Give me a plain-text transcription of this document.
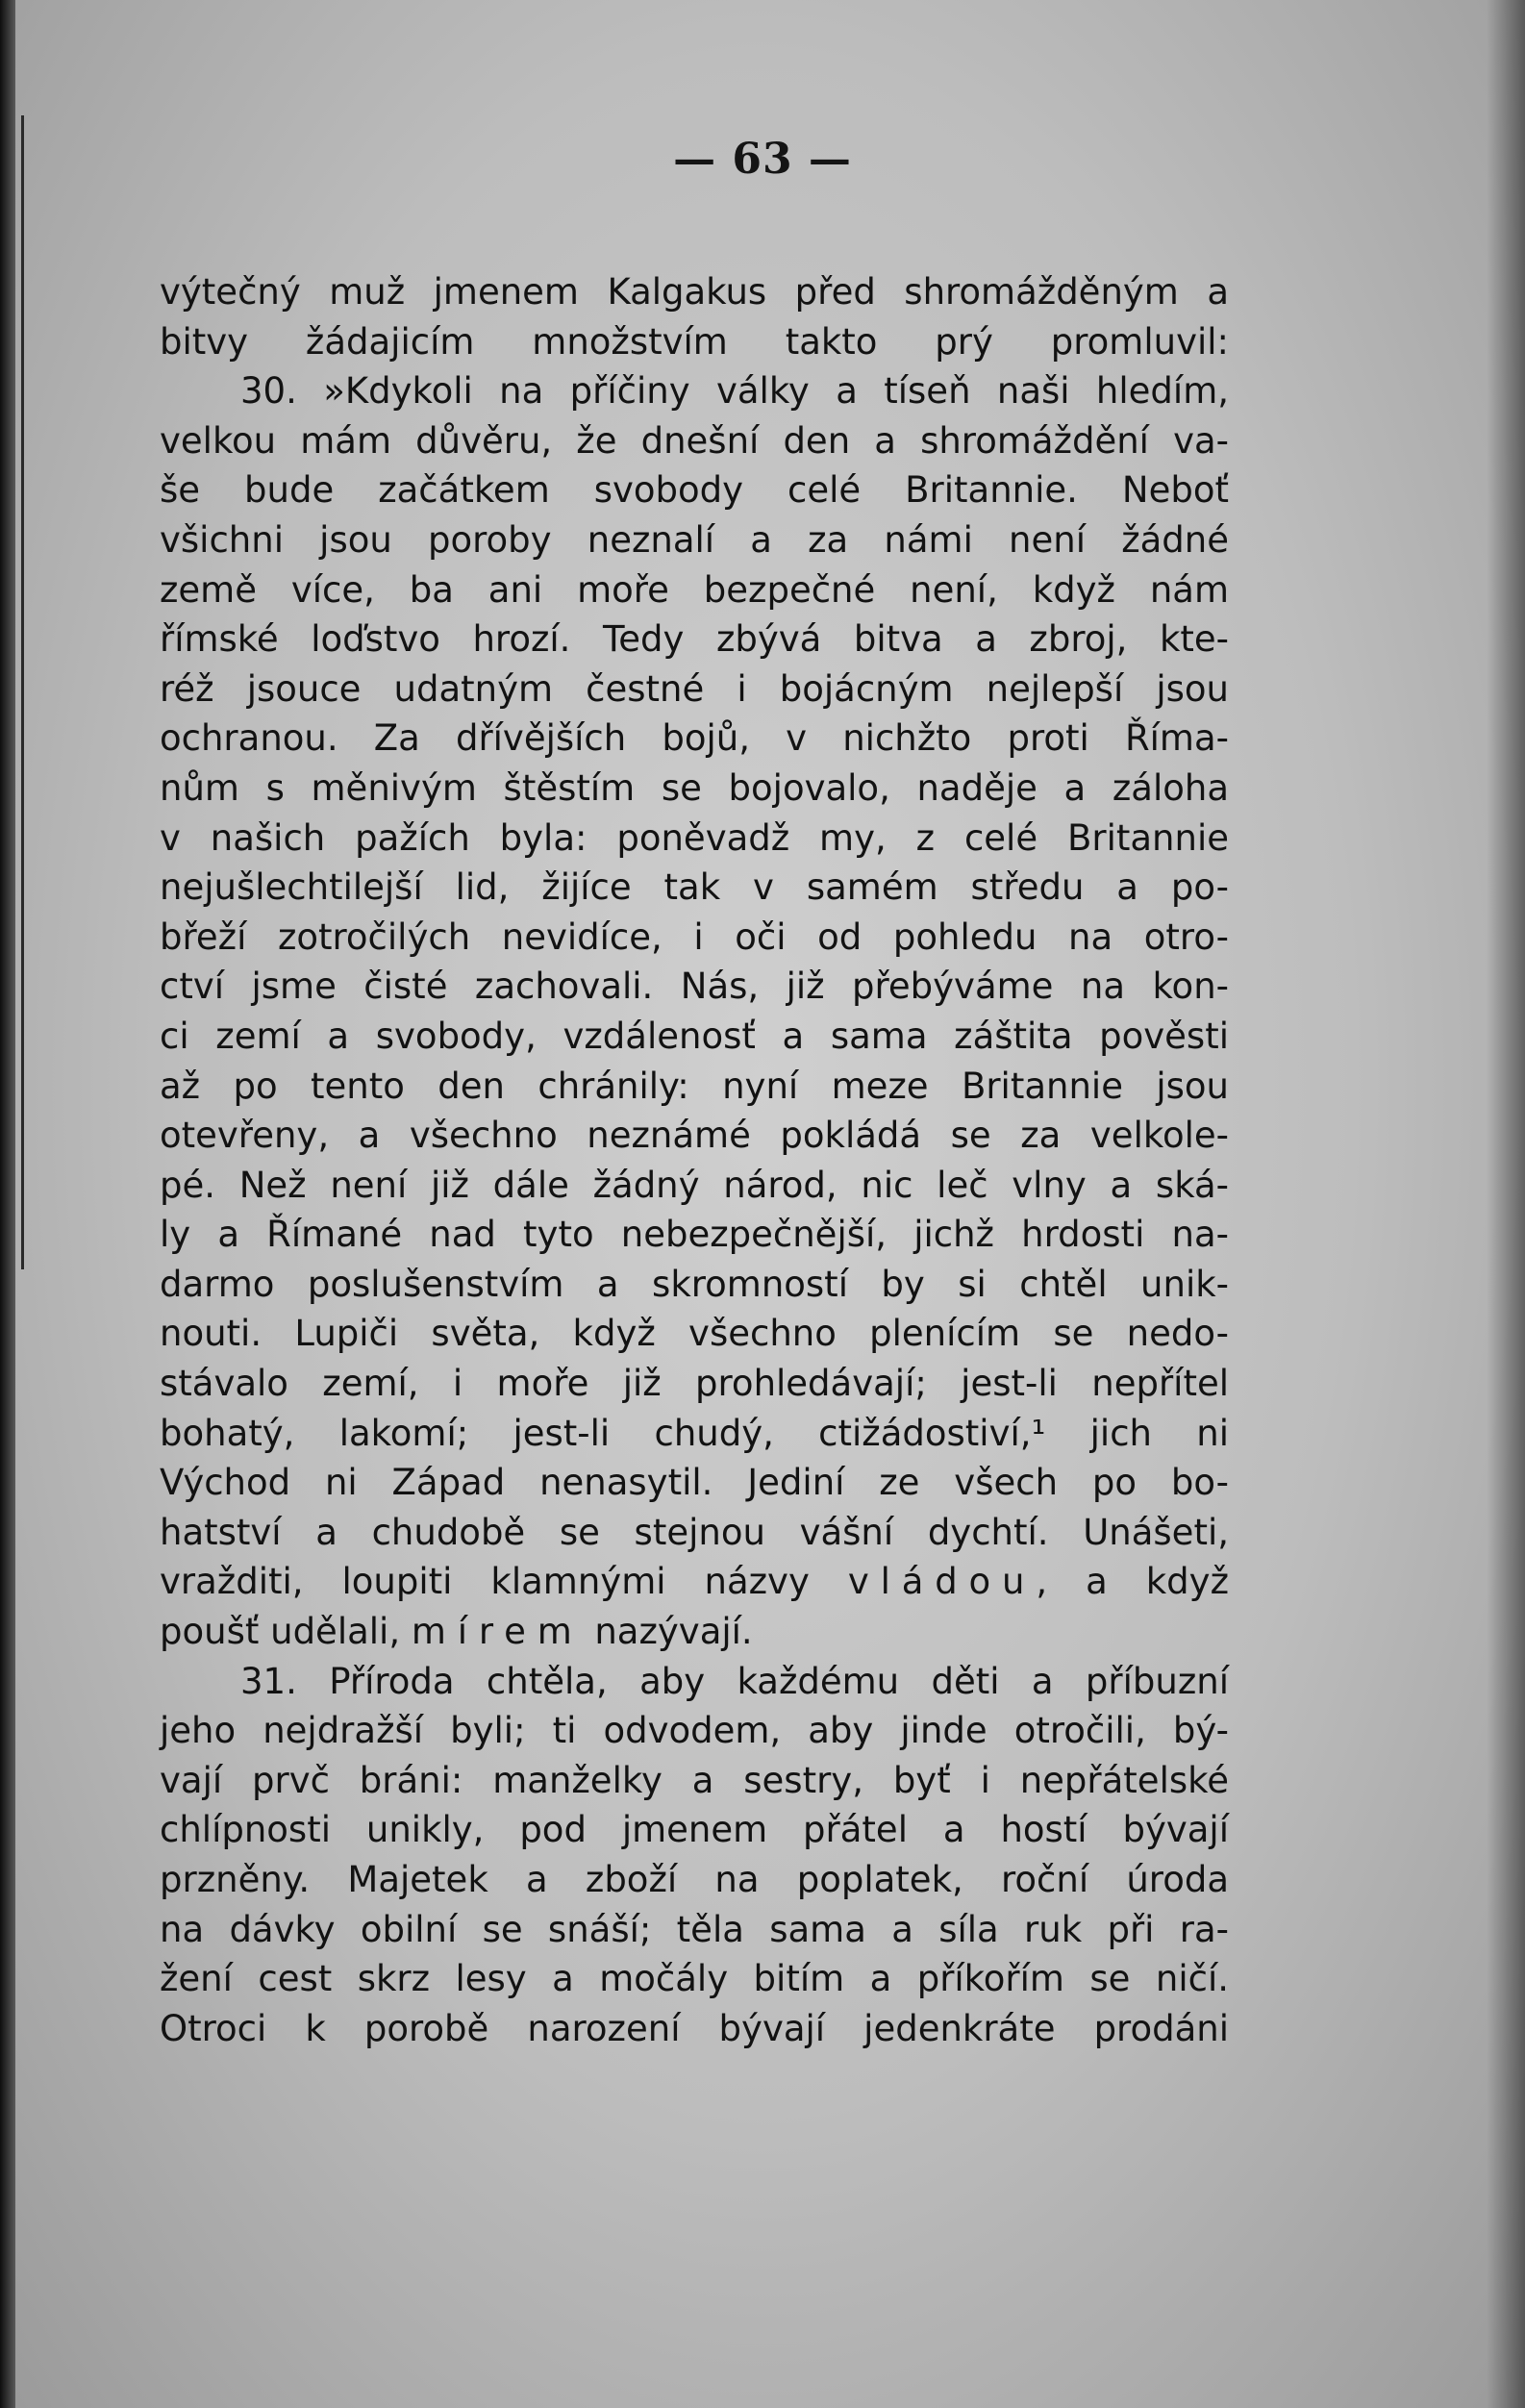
— 63 —
výtečný muž jmenem Kalgakus před shromážděným a
bitvy žádajicím množstvím takto prý promluvil:
30. »Kdykoli na příčiny války a tíseň naši hledím,
velkou mám důvěru, že dnešní den a shromáždění va-
še bude začátkem svobody celé Britannie. Neboť
všichni jsou poroby neznalí a za námi není žádné
země více, ba ani moře bezpečné není, když nám
římské loďstvo hrozí. Tedy zbývá bitva a zbroj, kte-
réž jsouce udatným čestné i bojácným nejlepší jsou
ochranou. Za dřívějších bojů, v nichžto proti Říma-
nům s měnivým štěstím se bojovalo, naděje a záloha
v našich pažích byla: poněvadž my, z celé Britannie
nejušlechtilejší lid, žijíce tak v samém středu a po-
břeží zotročilých nevidíce, i oči od pohledu na otro-
ctví jsme čisté zachovali. Nás, již přebýváme na kon-
ci zemí a svobody, vzdálenosť a sama záštita pověsti
až po tento den chránily: nyní meze Britannie jsou
otevřeny, a všechno neznámé pokládá se za velkole-
pé. Než není již dále žádný národ, nic leč vlny a ská-
ly a Římané nad tyto nebezpečnější, jichž hrdosti na-
darmo poslušenstvím a skromností by si chtěl unik-
nouti. Lupiči světa, když všechno plenícím se nedo-
stávalo zemí, i moře již prohledávají; jest-li nepřítel
bohatý, lakomí; jest-li chudý, ctižádostiví,¹ jich ni
Východ ni Západ nenasytil. Jediní ze všech po bo-
hatství a chudobě se stejnou vášní dychtí. Unášeti,
vražditi, loupiti klamnými názvy vládou, a když
poušť udělali, mírem nazývají.
31. Příroda chtěla, aby každému děti a příbuzní
jeho nejdražší byli; ti odvodem, aby jinde otročili, bý-
vají prvč bráni: manželky a sestry, byť i nepřátelské
chlípnosti unikly, pod jmenem přátel a hostí bývají
przněny. Majetek a zboží na poplatek, roční úroda
na dávky obilní se snáší; těla sama a síla ruk při ra-
žení cest skrz lesy a močály bitím a příkořím se ničí.
Otroci k porobě narození bývají jedenkráte prodáni
